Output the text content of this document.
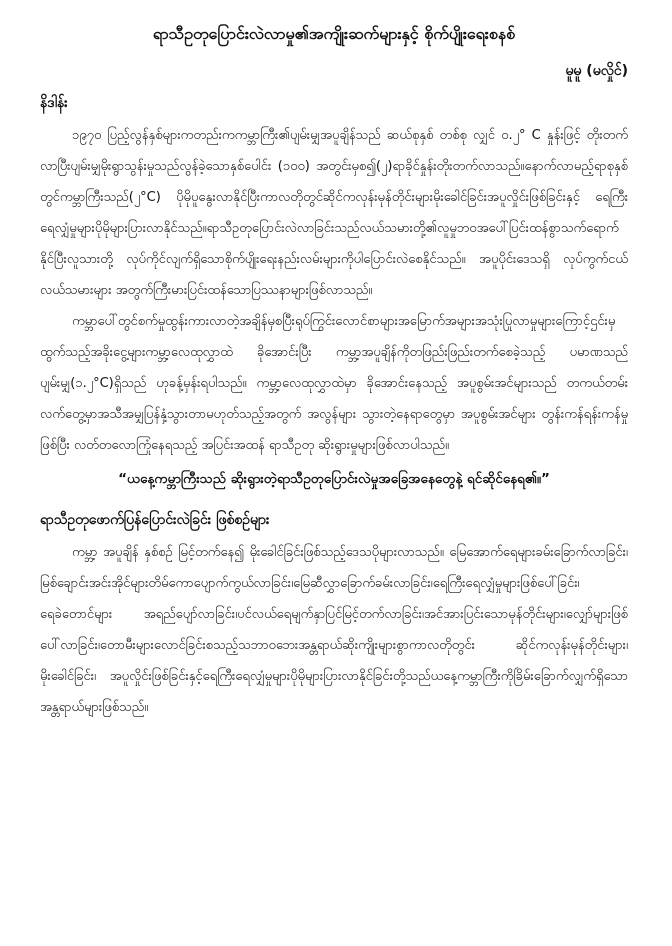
ရာသီဥတုပြောင်းလဲလာမှု၏အကျိုးဆက်များနှင့် စိုက်ပျိုးရေးစနစ်
မူမူ (မလှိုင်)
နိဒါန်း

၁၉၇၀ ပြည့်လွန်နှစ်များကတည်းကကမ္ဘာကြီး၏ပျမ်းမျှအပူချိန်သည် ဆယ်စုနှစ် တစ်စု လျှင် ၀.၂° C နှုန်းဖြင့် တိုးတက်လာပြီးပျမ်းမျှမိုးရွာသွန်းမှုသည်လွန်ခဲ့သောနှစ်ပေါင်း (၁၀၀) အတွင်းမှစ၍(၂)ရာခိုင်နှုန်းတိုးတက်လာသည်။နောက်လာမည့်ရာစုနှစ်တွင်ကမ္ဘာကြီးသည်(၂°C) ပိုမိုပူနွေးလာနိုင်ပြီးကာလတိုတွင်ဆိုင်ကလုန်းမုန်တိုင်းများမိုးခေါင်ခြင်းအပူလှိုင်းဖြစ်ခြင်းနှင့် ရေကြီးရေလျှံမှုများပိုမိုများပြားလာနိုင်သည်။ရာသီဥတုပြောင်းလဲလာခြင်းသည်လယ်သမားတို့၏လူမှုဘဝအပေါ်ပြင်းထန်စွာသက်ရောက်နိုင်ပြီးလူသားတို့ လုပ်ကိုင်လျက်ရှိသောစိုက်ပျိုးရေးနည်းလမ်းများကိုပါပြောင်းလဲစေနိုင်သည်။ အပူပိုင်းဒေသရှိ လုပ်ကွက်ငယ်လယ်သမားများ အတွက်ကြီးမားပြင်းထန်သောပြဿနာများဖြစ်လာသည်။

ကမ္ဘာပေါ်တွင်စက်မှုထွန်းကားလာတဲ့အချိန်မှစပြီးရုပ်ကြွင်းလောင်စာများအမြောက်အများအသုံးပြုလာမှုများကြောင့်ဌင်းမှထွက်သည့်အခိုးငွေ့များကမ္ဘာ့လေထုလွှာထဲ ခိုအောင်းပြီး ကမ္ဘာ့အပူချိန်ကိုတဖြည်းဖြည်းတက်စေခဲ့သည့် ပမာဏသည် ပျမ်းမျှ(၁.၂°C)ရှိသည် ဟုခန့်မှန်းရပါသည်။ ကမ္ဘာ့လေထုလွှာထဲမှာ ခိုအောင်းနေသည့် အပူစွမ်းအင်များသည် တကယ်တမ်း လက်တွေ့မှာအသီအမျှပြန်နှံ့သွားတာမဟုတ်သည့်အတွက် အလွန်များ သွားတဲ့နေရာတွေမှာ အပူစွမ်းအင်များ တွန်းကန်ရန်းကန်မှုဖြစ်ပြီး လတ်တလောကြုံနေရသည့် အပြင်းအထန် ရာသီဥတု ဆိုးရွားမှုများဖြစ်လာပါသည်။

“ယနေ့ကမ္ဘာကြီးသည် ဆိုးရွားတဲ့ရာသီဥတုပြောင်းလဲမှုအခြေအနေတွေနဲ့ ရင်ဆိုင်နေရ၏။”
ရာသီဥတုဖောက်ပြန်ပြောင်းလဲခြင်း ဖြစ်စဉ်များ

ကမ္ဘာ့ အပူချိန် နှစ်စဉ် မြင့်တက်နေ၍ မိုးခေါင်ခြင်းဖြစ်သည့်ဒေသပိုများလာသည်။ မြေအောက်ရေများခမ်းခြောက်လာခြင်း၊မြစ်ချောင်းအင်းအိုင်များတိမ်ကောပျောက်ကွယ်လာခြင်း၊မြေဆီလွှာခြောက်ခမ်းလာခြင်း၊ရေကြီးရေလျှံမှုများဖြစ်ပေါ်ခြင်း၊ရေခဲတောင်များ အရည်ပျော်လာခြင်း၊ပင်လယ်ရေမျက်နှာပြင်မြင့်တက်လာခြင်း၊အင်အားပြင်းသောမုန်တိုင်းများ၊လျှော်များဖြစ်ပေါ်လာခြင်း၊တောမီးများလောင်ခြင်းစသည့်သဘာဝဘေးအန္တရာယ်ဆိုးကျိုးများစွာကာလတိုတွင်း ဆိုင်ကလုန်းမုန်တိုင်းများ၊ မိုးခေါင်ခြင်း၊ အပူလှိုင်းဖြစ်ခြင်းနှင့်ရေကြီးရေလျှံမှုများပိုမိုများပြားလာနိုင်ခြင်းတို့သည်ယနေ့ကမ္ဘာကြီးကိုခြိမ်းခြောက်လျှက်ရှိသောအန္တရာယ်များဖြစ်သည်။
